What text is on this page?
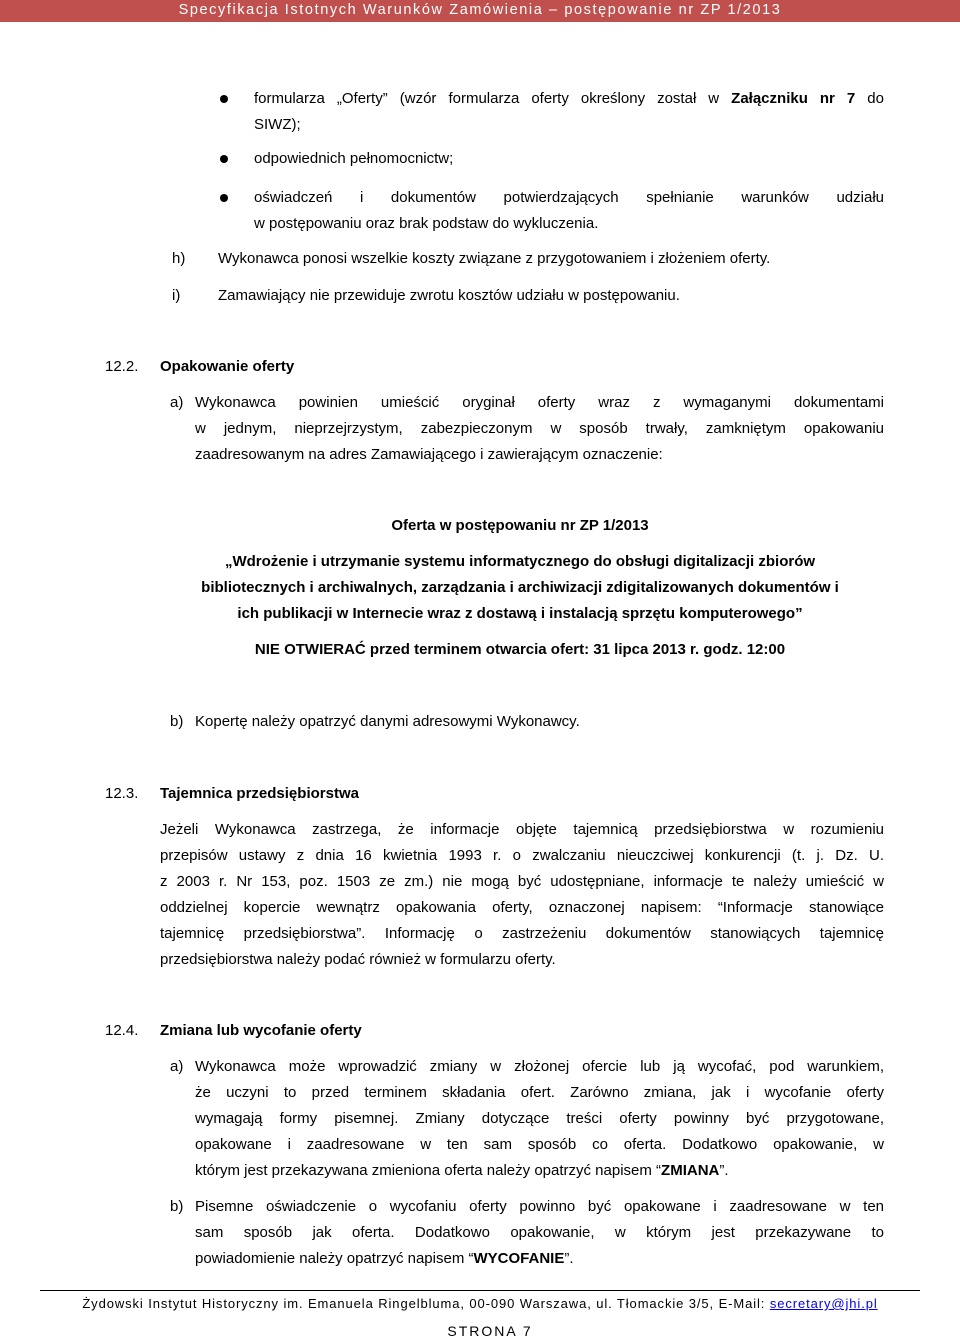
Specyfikacja Istotnych Warunków Zamówienia – postępowanie nr ZP 1/2013
formularza „Oferty” (wzór formularza oferty określony został w Załączniku nr 7 do
SIWZ);
odpowiednich pełnomocnictw;
oświadczeń i dokumentów potwierdzających spełnianie warunków udziału
w postępowaniu oraz brak podstaw do wykluczenia.
h) Wykonawca ponosi wszelkie koszty związane z przygotowaniem i złożeniem oferty.
i)	Zamawiający nie przewiduje zwrotu kosztów udziału w postępowaniu.
12.2. Opakowanie oferty
a) Wykonawca powinien umieścić oryginał oferty wraz z wymaganymi dokumentami
w jednym, nieprzejrzystym, zabezpieczonym w sposób trwały, zamkniętym opakowaniu
zaadresowanym na adres Zamawiającego i zawierającym oznaczenie:
Oferta w postępowaniu nr ZP 1/2013
„Wdrożenie i utrzymanie systemu informatycznego do obsługi digitalizacji zbiorów
bibliotecznych i archiwalnych, zarządzania i archiwizacji zdigitalizowanych dokumentów i
ich publikacji w Internecie wraz z dostawą i instalacją sprzętu komputerowego”
NIE OTWIERAĆ przed terminem otwarcia ofert: 31 lipca 2013 r. godz. 12:00
b) Kopertę należy opatrzyć danymi adresowymi Wykonawcy.
12.3. Tajemnica przedsiębiorstwa
Jeżeli Wykonawca zastrzega, że informacje objęte tajemnicą przedsiębiorstwa w rozumieniu
przepisów ustawy z dnia 16 kwietnia 1993 r. o zwalczaniu nieuczciwej konkurencji (t. j. Dz. U.
z 2003 r. Nr 153, poz. 1503 ze zm.) nie mogą być udostępniane, informacje te należy umieścić w
oddzielnej kopercie wewnątrz opakowania oferty, oznaczonej napisem: “Informacje stanowiące
tajemnicę przedsiębiorstwa”. Informację o zastrzeżeniu dokumentów stanowiących tajemnicę
przedsiębiorstwa należy podać również w formularzu oferty.
12.4. Zmiana lub wycofanie oferty
a) Wykonawca może wprowadzić zmiany w złożonej ofercie lub ją wycofać, pod warunkiem,
że uczyni to przed terminem składania ofert. Zarówno zmiana, jak i wycofanie oferty
wymagają formy pisemnej. Zmiany dotyczące treści oferty powinny być przygotowane,
opakowane i zaadresowane w ten sam sposób co oferta. Dodatkowo opakowanie, w
którym jest przekazywana zmieniona oferta należy opatrzyć napisem “ZMIANA”.
b) Pisemne oświadczenie o wycofaniu oferty powinno być opakowane i zaadresowane w ten
sam sposób jak oferta. Dodatkowo opakowanie, w którym jest przekazywane to
powiadomienie należy opatrzyć napisem “WYCOFANIE”.
Żydowski Instytut Historyczny im. Emanuela Ringelbluma, 00-090 Warszawa, ul. Tłomackie 3/5, E-Mail: secretary@jhi.pl
STRONA 7
